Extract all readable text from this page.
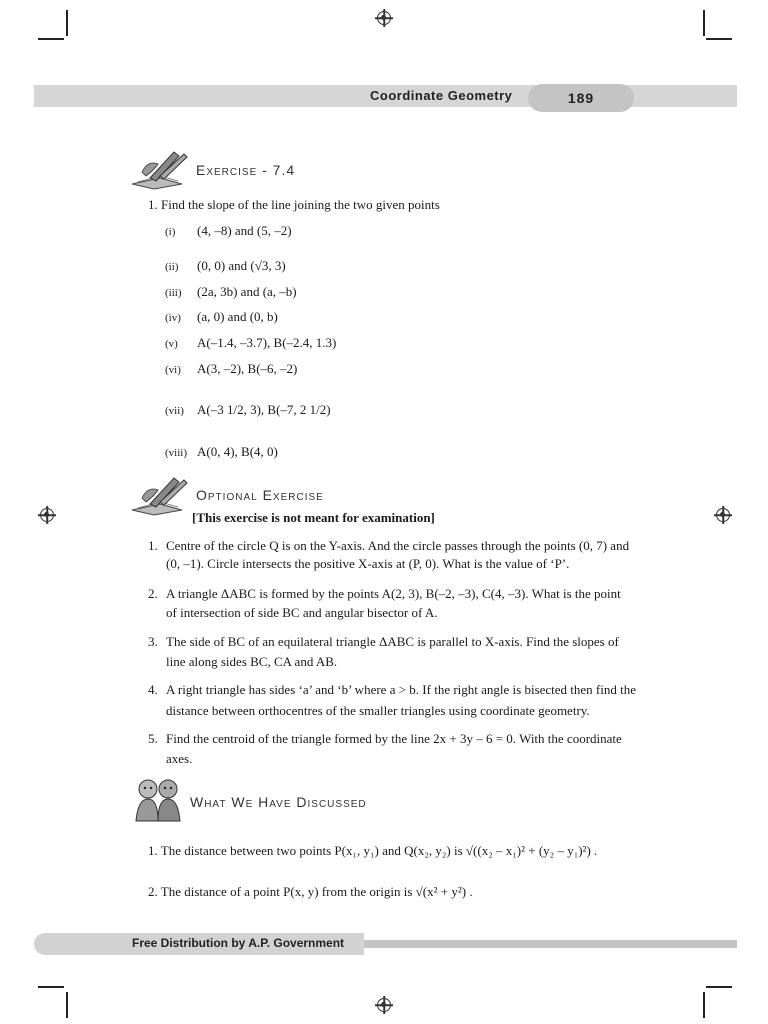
Coordinate Geometry	189
Exercise - 7.4
1. Find the slope of the line joining the two given points
(i) (4, –8) and (5, –2)
(ii) (0, 0) and (√3, 3)
(iii) (2a, 3b) and (a, –b)
(iv) (a, 0) and (0, b)
(v) A(–1.4, –3.7), B(–2.4, 1.3)
(vi) A(3, –2), B(–6, –2)
(vii) A(–3 1/2, 3), B(–7, 2 1/2)
(viii) A(0, 4), B(4, 0)
Optional Exercise
[This exercise is not meant for examination]
1. Centre of the circle Q is on the Y-axis. And the circle passes through the points (0, 7) and
(0, –1). Circle intersects the positive X-axis at (P, 0). What is the value of ‘P’.
2. A triangle ΔABC is formed by the points A(2, 3), B(–2, –3), C(4, –3). What is the point
of intersection of side BC and angular bisector of A.
3. The side of BC of an equilateral triangle ΔABC is parallel to X-axis. Find the slopes of
line along sides BC, CA and AB.
4. A right triangle has sides ‘a’ and ‘b’ where a > b. If the right angle is bisected then find the
distance between orthocentres of the smaller triangles using coordinate geometry.
5. Find the centroid of the triangle formed by the line 2x + 3y – 6 = 0. With the coordinate
axes.
What We Have Discussed
1. The distance between two points P(x₁, y₁) and Q(x₂, y₂) is √((x₂ – x₁)² + (y₂ – y₁)²) .
2. The distance of a point P(x, y) from the origin is √(x² + y²) .
Free Distribution by A.P. Government
